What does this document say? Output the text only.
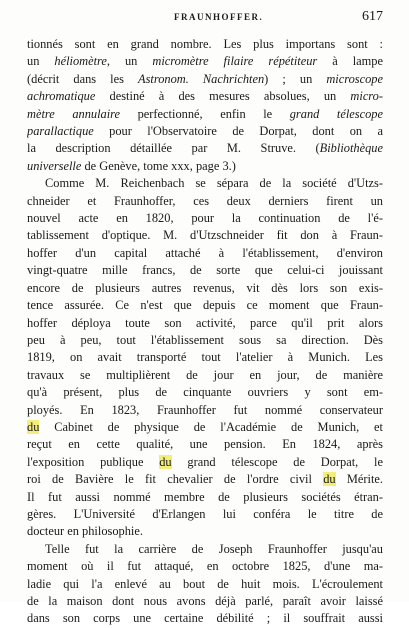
FRAUNHOFFER.	617
tionnés sont en grand nombre. Les plus importans sont :
un héliomètre, un micromètre filaire répétiteur à lampe
(décrit dans les Astronom. Nachrichten) ; un microscope
achromatique destiné à des mesures absolues, un micro-
mètre annulaire perfectionné, enfin le grand télescope
parallactique pour l'Observatoire de Dorpat, dont on a
la description détaillée par M. Struve. (Bibliothèque
universelle de Genève, tome xxx, page 3.)
Comme M. Reichenbach se sépara de la société d'Utzs-
chneider et Fraunhoffer, ces deux derniers firent un
nouvel acte en 1820, pour la continuation de l'é-
tablissement d'optique. M. d'Utzschneider fit don à Fraun-
hoffer d'un capital attaché à l'établissement, d'environ
vingt-quatre mille francs, de sorte que celui-ci jouissant
encore de plusieurs autres revenus, vit dès lors son exis-
tence assurée. Ce n'est que depuis ce moment que Fraun-
hoffer déploya toute son activité, parce qu'il prit alors
peu à peu, tout l'établissement sous sa direction. Dès
1819, on avait transporté tout l'atelier à Munich. Les
travaux se multiplièrent de jour en jour, de manière
qu'à présent, plus de cinquante ouvriers y sont em-
ployés. En 1823, Fraunhoffer fut nommé conservateur
du Cabinet de physique de l'Académie de Munich, et
reçut en cette qualité, une pension. En 1824, après
l'exposition publique du grand télescope de Dorpat, le
roi de Bavière le fit chevalier de l'ordre civil du Mérite.
Il fut aussi nommé membre de plusieurs sociétés étran-
gères. L'Université d'Erlangen lui conféra le titre de
docteur en philosophie.
Telle fut la carrière de Joseph Fraunhoffer jusqu'au
moment où il fut attaqué, en octobre 1825, d'une ma-
ladie qui l'a enlevé au bout de huit mois. L'écroulement
de la maison dont nous avons déjà parlé, paraît avoir laissé
dans son corps une certaine débilité ; il souffrait aussi
